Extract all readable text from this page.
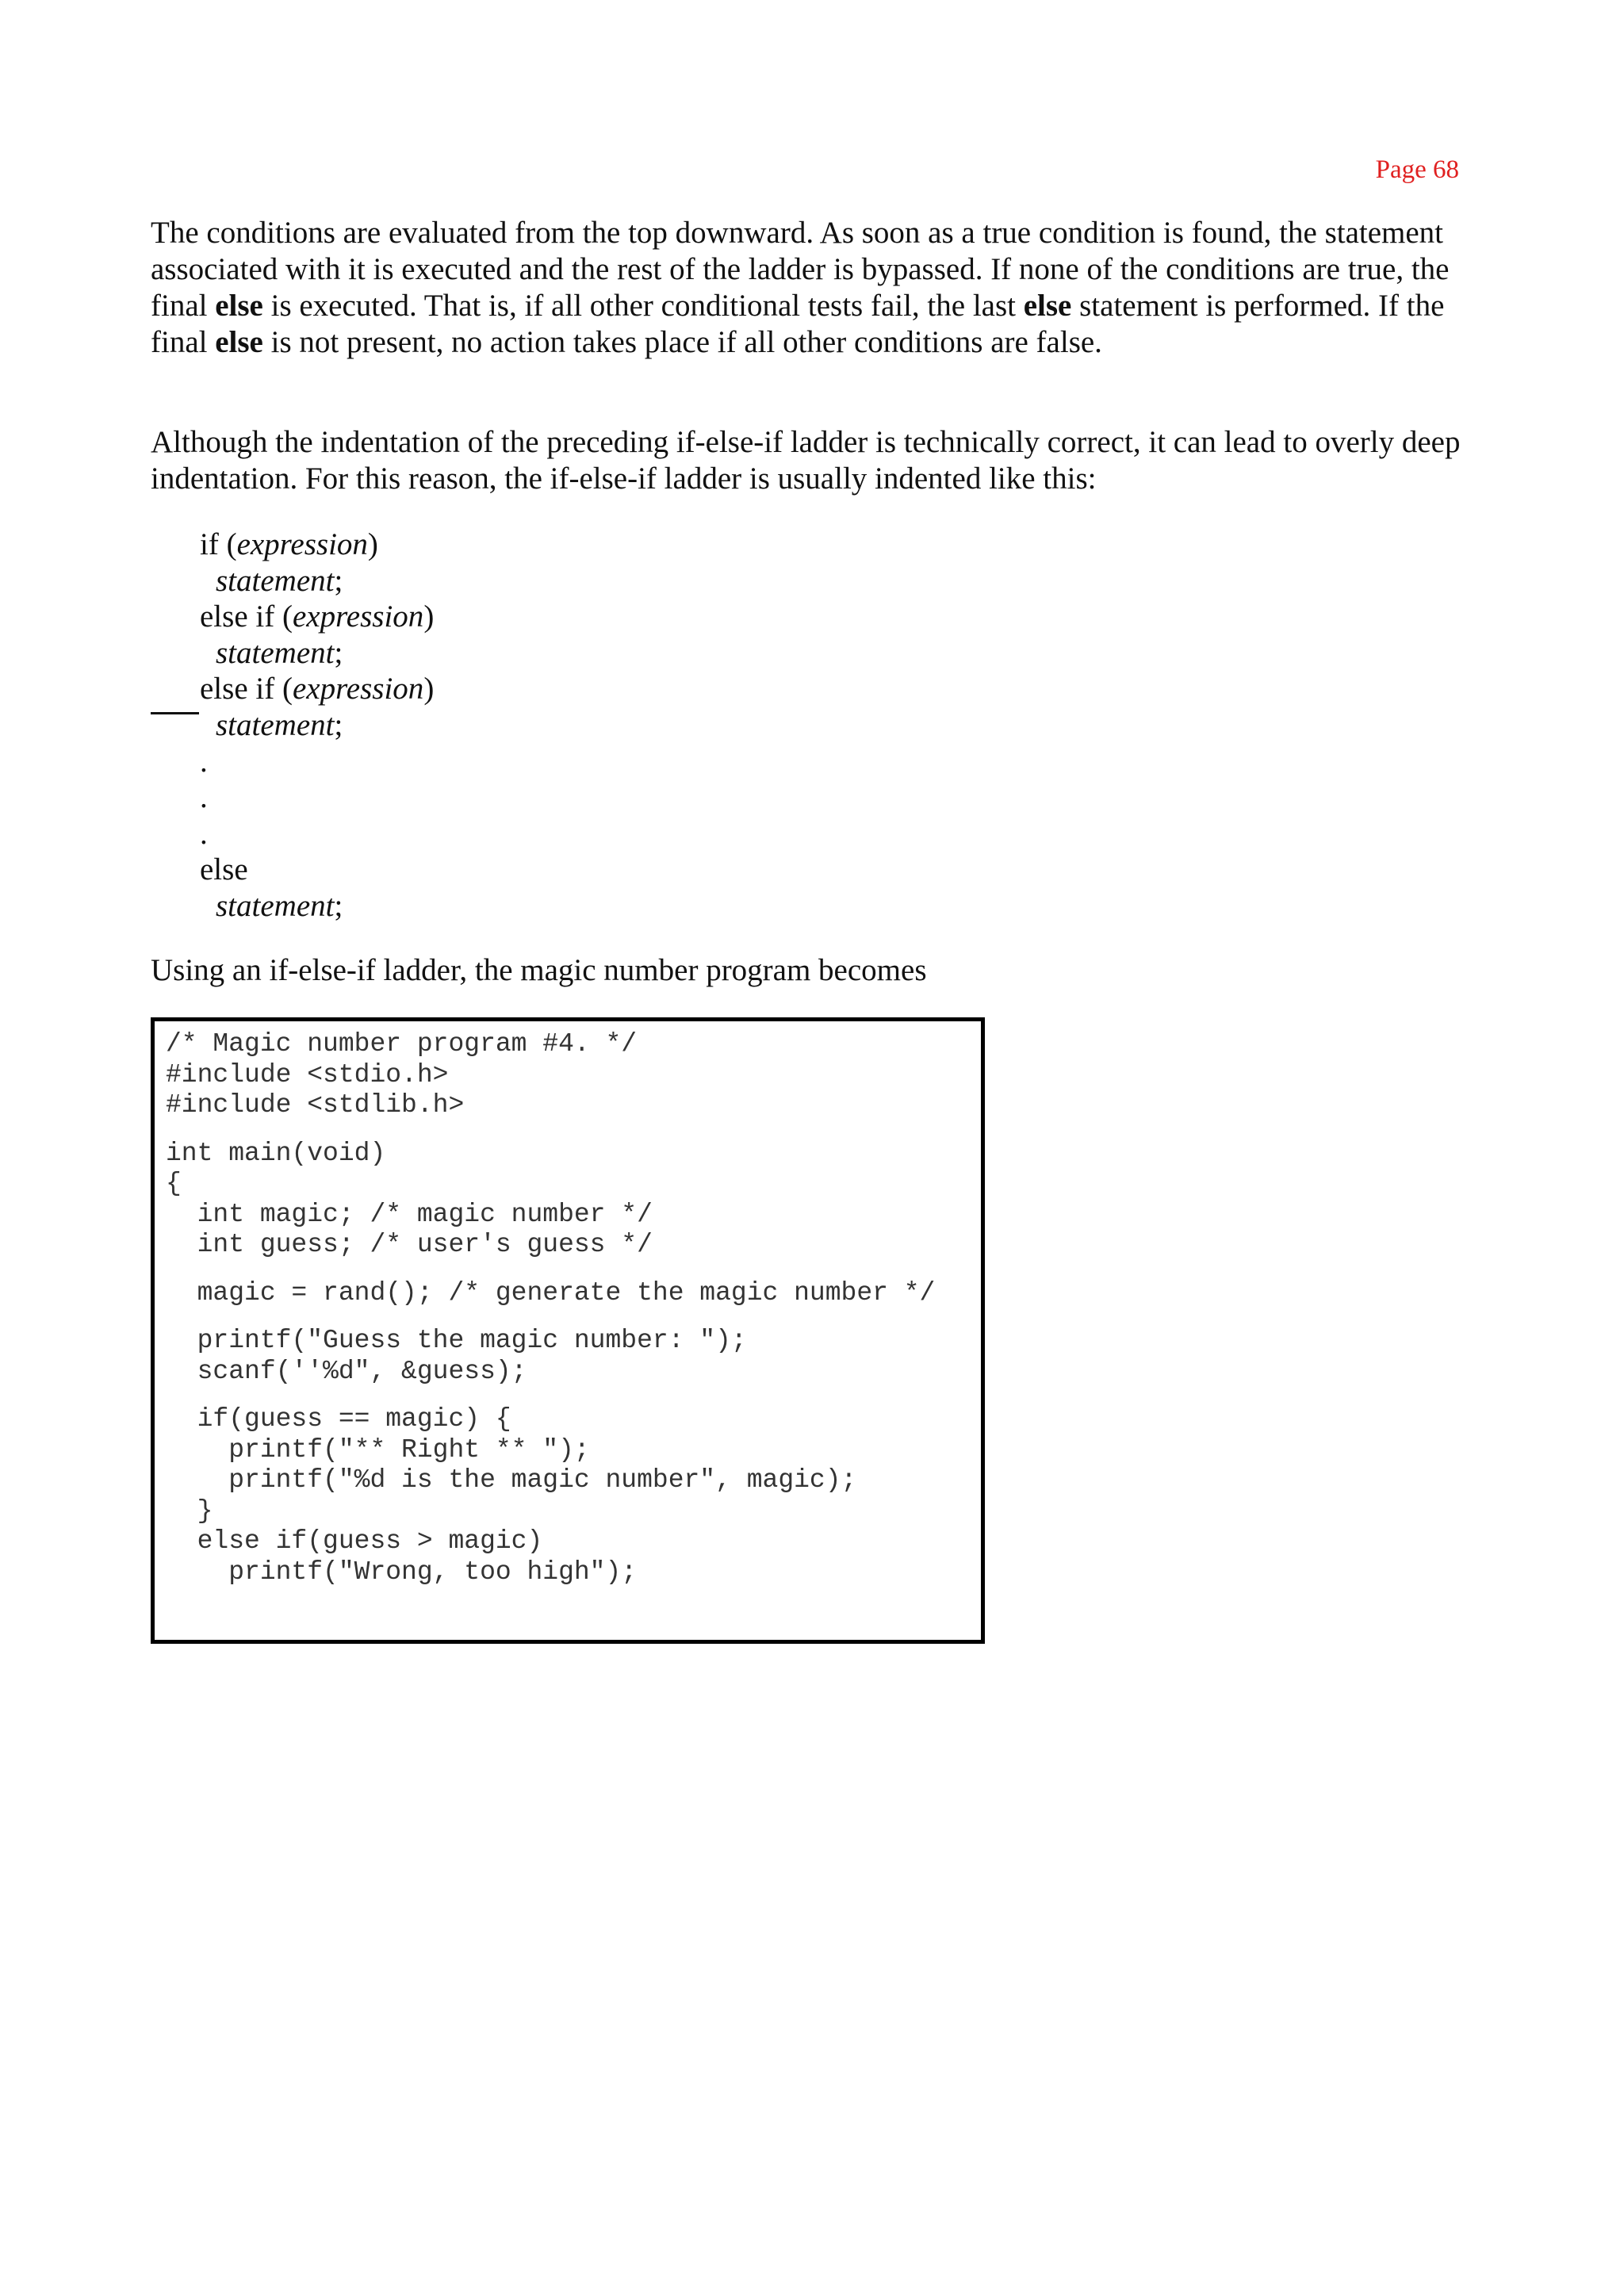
Page 68
The conditions are evaluated from the top downward. As soon as a true condition is found, the statement associated with it is executed and the rest of the ladder is bypassed. If none of the conditions are true, the final else is executed. That is, if all other conditional tests fail, the last else statement is performed. If the final else is not present, no action takes place if all other conditions are false.
Although the indentation of the preceding if-else-if ladder is technically correct, it can lead to overly deep indentation. For this reason, the if-else-if ladder is usually indented like this:
if (expression)
statement;
else if (expression)
statement;
else if (expression)
statement;
.
.
.
else
statement;
Using an if-else-if ladder, the magic number program becomes
/* Magic number program #4. */
#include <stdio.h>
#include <stdlib.h>
int main(void)
{
int magic; /* magic number */
int guess; /* user's guess */
magic = rand(); /* generate the magic number */
printf("Guess the magic number: ");
scanf(''%d", &guess);
if(guess == magic) {
printf("** Right ** ");
printf("%d is the magic number", magic);
}
else if(guess > magic)
printf("Wrong, too high");
